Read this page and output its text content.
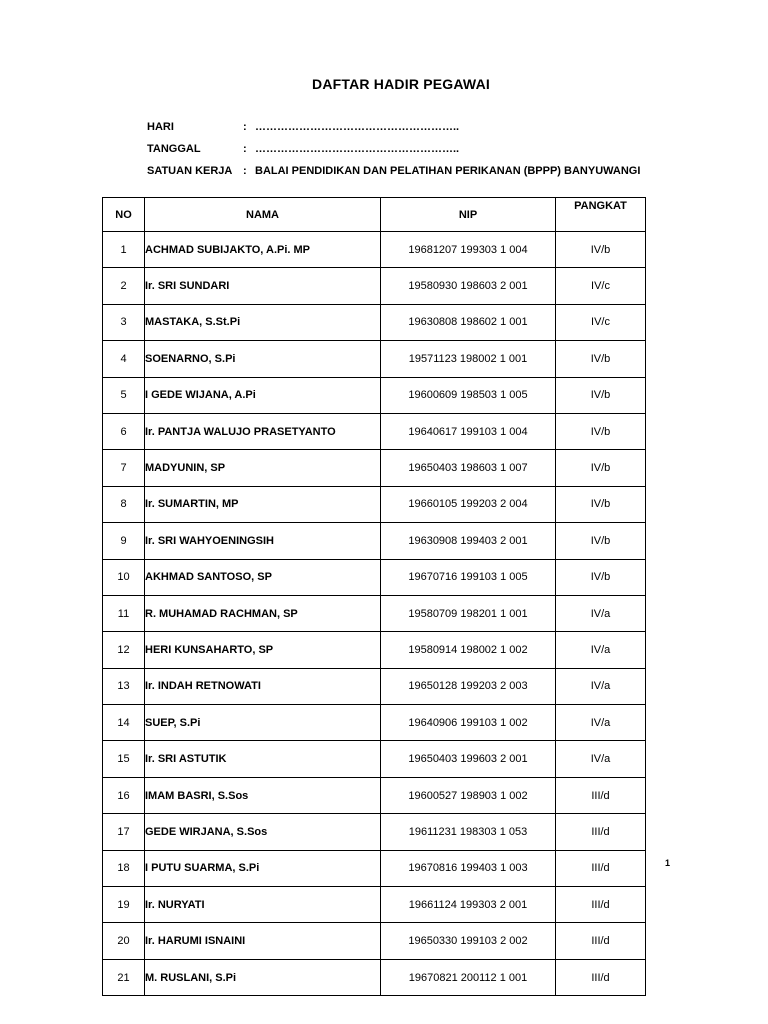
DAFTAR HADIR PEGAWAI
HARI	: ………………………………………………..
TANGGAL	: ………………………………………………..
SATUAN KERJA : BALAI PENDIDIKAN DAN PELATIHAN PERIKANAN (BPPP) BANYUWANGI
NO	NAMA	NIP	PANGKAT
1	ACHMAD SUBIJAKTO, A.Pi. MP	19681207 199303 1 004	IV/b
2	Ir. SRI SUNDARI	19580930 198603 2 001	IV/c
3	MASTAKA, S.St.Pi	19630808 198602 1 001	IV/c
4	SOENARNO, S.Pi	19571123 198002 1 001	IV/b
5	I GEDE WIJANA, A.Pi	19600609 198503 1 005	IV/b
6	Ir. PANTJA WALUJO PRASETYANTO	19640617 199103 1 004	IV/b
7	MADYUNIN, SP	19650403 198603 1 007	IV/b
8	Ir. SUMARTIN, MP	19660105 199203 2 004	IV/b
9	Ir. SRI WAHYOENINGSIH	19630908 199403 2 001	IV/b
10	AKHMAD SANTOSO, SP	19670716 199103 1 005	IV/b
11	R. MUHAMAD RACHMAN, SP	19580709 198201 1 001	IV/a
12	HERI KUNSAHARTO, SP	19580914 198002 1 002	IV/a
13	Ir. INDAH RETNOWATI	19650128 199203 2 003	IV/a
14	SUEP, S.Pi	19640906 199103 1 002	IV/a
15	Ir. SRI ASTUTIK	19650403 199603 2 001	IV/a
16	IMAM BASRI, S.Sos	19600527 198903 1 002	III/d
17	GEDE WIRJANA, S.Sos	19611231 198303 1 053	III/d
18	I PUTU SUARMA, S.Pi	19670816 199403 1 003	III/d
19	Ir. NURYATI	19661124 199303 2 001	III/d
20	Ir. HARUMI ISNAINI	19650330 199103 2 002	III/d
21	M. RUSLANI, S.Pi	19670821 200112 1 001	III/d
1
